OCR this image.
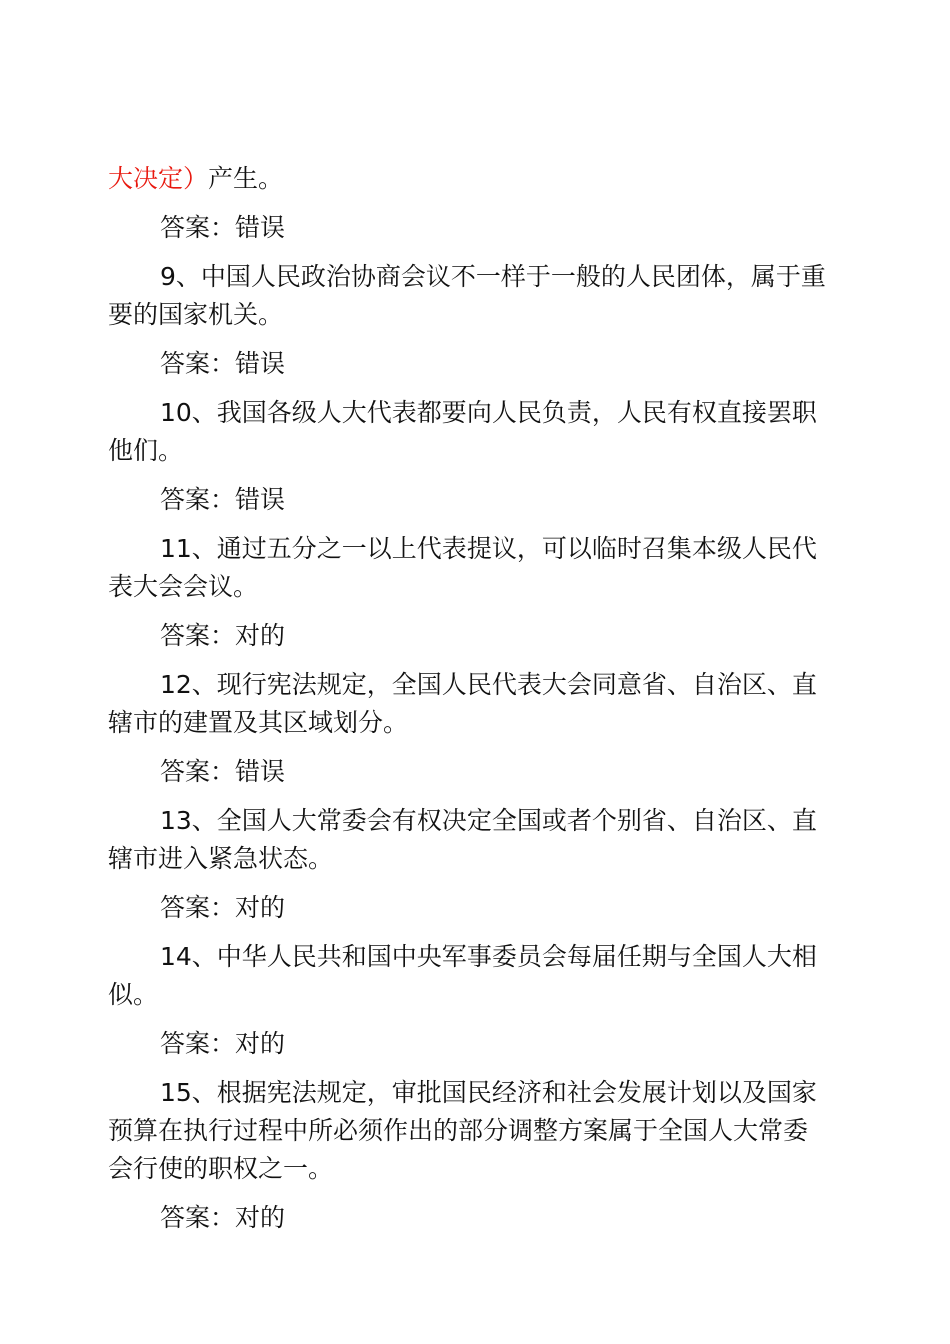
大决定）产生。
答案：错误
9、中国人民政治协商会议不一样于一般的人民团体，属于重
要的国家机关。
答案：错误
10、我国各级人大代表都要向人民负责，人民有权直接罢职
他们。
答案：错误
11、通过五分之一以上代表提议，可以临时召集本级人民代
表大会会议。
答案：对的
12、现行宪法规定，全国人民代表大会同意省、自治区、直
辖市的建置及其区域划分。
答案：错误
13、全国人大常委会有权决定全国或者个别省、自治区、直
辖市进入紧急状态。
答案：对的
14、中华人民共和国中央军事委员会每届任期与全国人大相
似。
答案：对的
15、根据宪法规定，审批国民经济和社会发展计划以及国家
预算在执行过程中所必须作出的部分调整方案属于全国人大常委
会行使的职权之一。
答案：对的
